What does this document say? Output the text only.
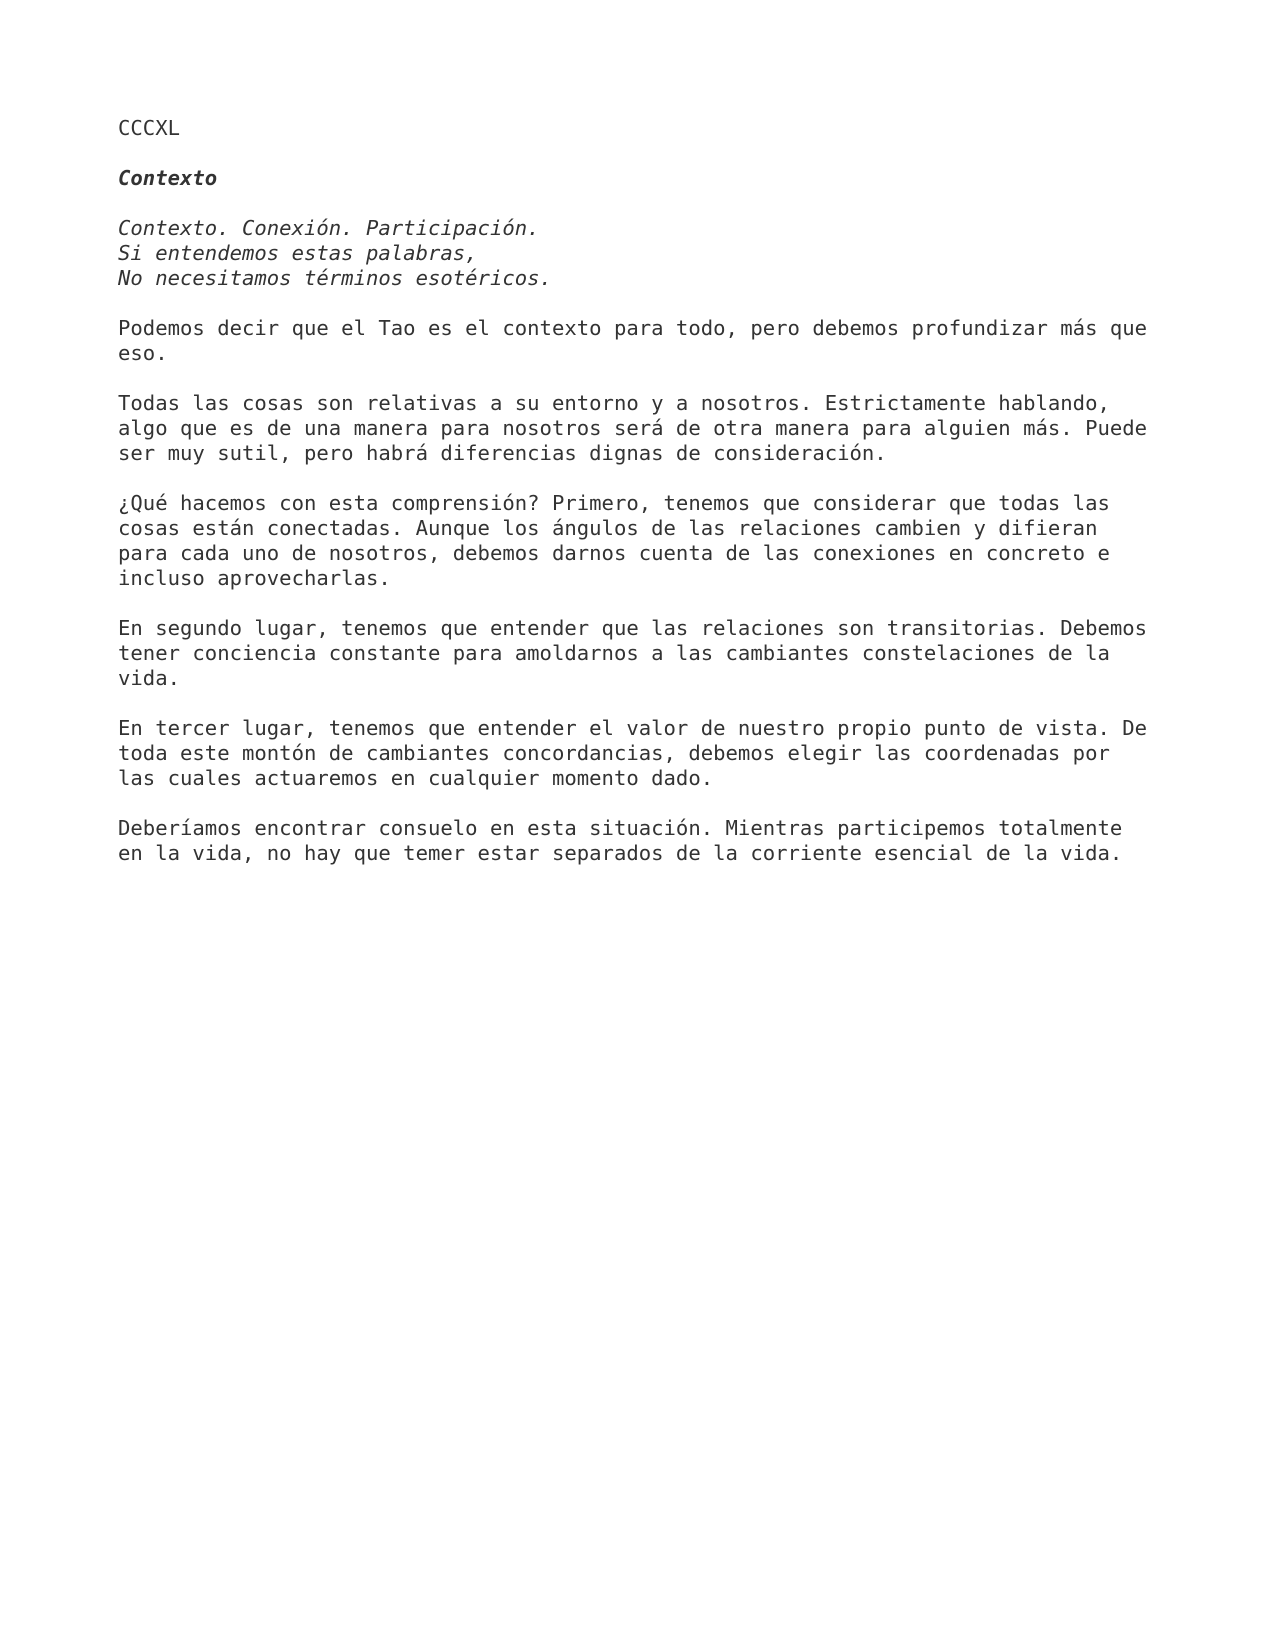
CCCXL
Contexto
Contexto. Conexión. Participación.
Si entendemos estas palabras,
No necesitamos términos esotéricos.
Podemos decir que el Tao es el contexto para todo, pero debemos profundizar más que
eso.
Todas las cosas son relativas a su entorno y a nosotros. Estrictamente hablando,
algo que es de una manera para nosotros será de otra manera para alguien más. Puede
ser muy sutil, pero habrá diferencias dignas de consideración.
¿Qué hacemos con esta comprensión? Primero, tenemos que considerar que todas las
cosas están conectadas. Aunque los ángulos de las relaciones cambien y difieran
para cada uno de nosotros, debemos darnos cuenta de las conexiones en concreto e
incluso aprovecharlas.
En segundo lugar, tenemos que entender que las relaciones son transitorias. Debemos
tener conciencia constante para amoldarnos a las cambiantes constelaciones de la
vida.
En tercer lugar, tenemos que entender el valor de nuestro propio punto de vista. De
toda este montón de cambiantes concordancias, debemos elegir las coordenadas por
las cuales actuaremos en cualquier momento dado.
Deberíamos encontrar consuelo en esta situación. Mientras participemos totalmente
en la vida, no hay que temer estar separados de la corriente esencial de la vida.
